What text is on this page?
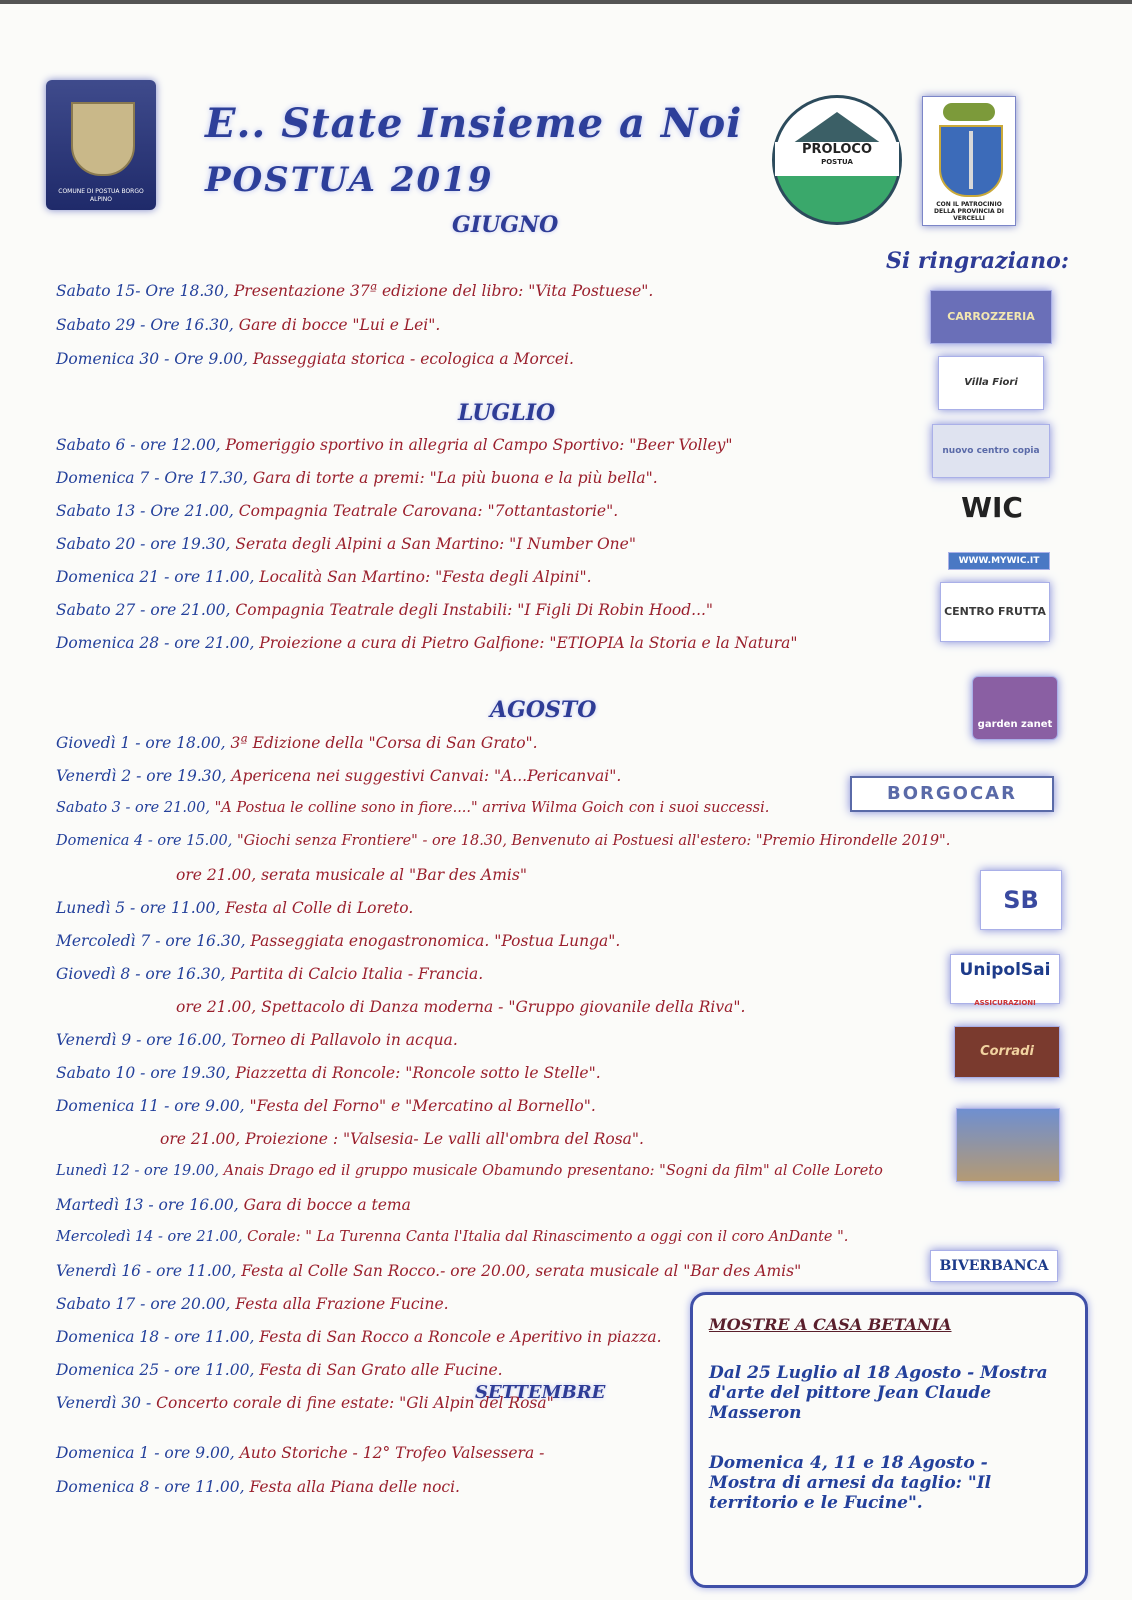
COMUNE DI POSTUA BORGO ALPINO
E.. State Insieme a Noi
POSTUA 2019
PROLOCO
POSTUA
CON IL PATROCINIO DELLA PROVINCIA DI VERCELLI
Si ringraziano:
GIUGNO
LUGLIO
AGOSTO
SETTEMBRE
Sabato 15- Ore 18.30, Presentazione 37ª edizione del libro: "Vita Postuese".
Sabato 29 - Ore 16.30, Gare di bocce "Lui e Lei".
Domenica 30 - Ore 9.00, Passeggiata storica - ecologica a Morcei.
Sabato 6 - ore 12.00, Pomeriggio sportivo in allegria al Campo Sportivo: "Beer Volley"
Domenica 7 - Ore 17.30, Gara di torte a premi: "La più buona e la più bella".
Sabato 13 - Ore 21.00, Compagnia Teatrale Carovana: "7ottantastorie".
Sabato 20 - ore 19.30, Serata degli Alpini a San Martino: "I Number One"
Domenica 21 - ore 11.00, Località San Martino: "Festa degli Alpini".
Sabato 27 - ore 21.00, Compagnia Teatrale degli Instabili: "I Figli Di Robin Hood..."
Domenica 28 - ore 21.00, Proiezione a cura di Pietro Galfione: "ETIOPIA la Storia e la Natura"
Giovedì 1 - ore 18.00, 3ª Edizione della "Corsa di San Grato".
Venerdì 2 - ore 19.30, Apericena nei suggestivi Canvai: "A...Pericanvai".
Sabato 3 - ore 21.00, "A Postua le colline sono in fiore...." arriva Wilma Goich con i suoi successi.
Domenica 4 - ore 15.00, "Giochi senza Frontiere" - ore 18.30, Benvenuto ai Postuesi all'estero: "Premio Hirondelle 2019".
ore 21.00, serata musicale al "Bar des Amis"
Lunedì 5 - ore 11.00, Festa al Colle di Loreto.
Mercoledì 7 - ore 16.30, Passeggiata enogastronomica. "Postua Lunga".
Giovedì 8 - ore 16.30, Partita di Calcio Italia - Francia.
ore 21.00, Spettacolo di Danza moderna - "Gruppo giovanile della Riva".
Venerdì 9 - ore 16.00, Torneo di Pallavolo in acqua.
Sabato 10 - ore 19.30, Piazzetta di Roncole: "Roncole sotto le Stelle".
Domenica 11 - ore 9.00, "Festa del Forno" e "Mercatino al Bornello".
ore 21.00, Proiezione : "Valsesia- Le valli all'ombra del Rosa".
Lunedì 12 - ore 19.00, Anais Drago ed il gruppo musicale Obamundo presentano: "Sogni da film" al Colle Loreto
Martedì 13 - ore 16.00, Gara di bocce a tema
Mercoledì 14 - ore 21.00, Corale: " La Turenna Canta l'Italia dal Rinascimento a oggi con il coro AnDante ".
Venerdì 16 - ore 11.00, Festa al Colle San Rocco.- ore 20.00, serata musicale al "Bar des Amis"
Sabato 17 - ore 20.00, Festa alla Frazione Fucine.
Domenica 18 - ore 11.00, Festa di San Rocco a Roncole e Aperitivo in piazza.
Domenica 25 - ore 11.00, Festa di San Grato alle Fucine.
Venerdì 30 - Concerto corale di fine estate: "Gli Alpin del Rosa"
Domenica 1 - ore 9.00, Auto Storiche - 12° Trofeo Valsessera -
Domenica 8 - ore 11.00, Festa alla Piana delle noci.
CARROZZERIA
Villa Fiori
nuovo centro copia
WIC
WWW.MYWIC.IT
CENTRO FRUTTA
garden zanet
BORGOCAR
SB
UnipolSai
ASSICURAZIONI
Corradi
BIVERBANCA
MOSTRE A CASA BETANIA
Dal 25 Luglio al 18 Agosto - Mostra d'arte del pittore Jean Claude Masseron
Domenica 4, 11 e 18 Agosto - Mostra di arnesi da taglio: "Il territorio e le Fucine".
